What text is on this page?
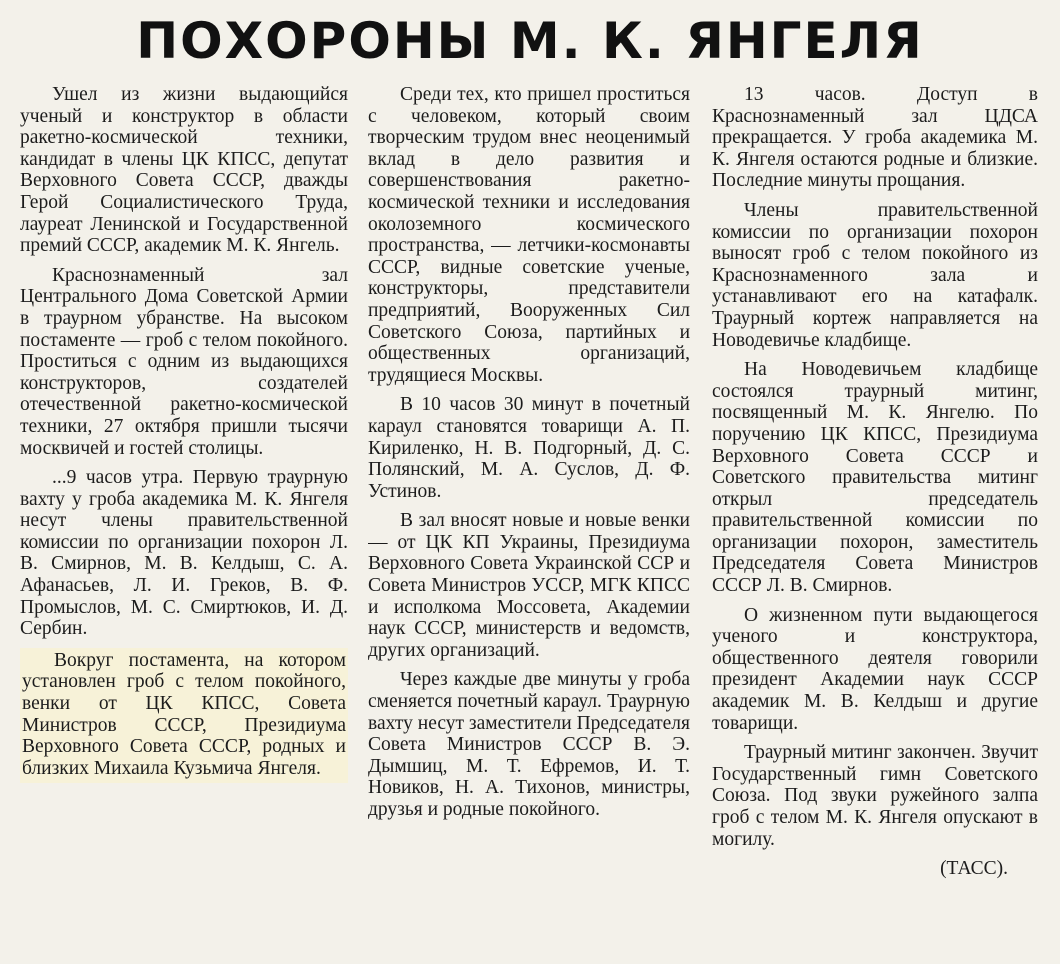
ПОХОРОНЫ М. К. ЯНГЕЛЯ

Ушел из жизни выдающийся ученый и конструктор в области ракетно-космической техники, кандидат в члены ЦК КПСС, депутат Верховного Совета СССР, дважды Герой Социалистического Труда, лауреат Ленинской и Государственной премий СССР, академик М. К. Янгель.

Краснознаменный зал Центрального Дома Советской Армии в траурном убранстве. На высоком постаменте — гроб с телом покойного. Проститься с одним из выдающихся конструкторов, создателей отечественной ракетно-космической техники, 27 октября пришли тысячи москвичей и гостей столицы.

...9 часов утра. Первую траурную вахту у гроба академика М. К. Янгеля несут члены правительственной комиссии по организации похорон Л. В. Смирнов, М. В. Келдыш, С. А. Афанасьев, Л. И. Греков, В. Ф. Промыслов, М. С. Смиртюков, И. Д. Сербин.

Вокруг постамента, на котором установлен гроб с телом покойного, венки от ЦК КПСС, Совета Министров СССР, Президиума Верховного Совета СССР, родных и близких Михаила Кузьмича Янгеля.

Среди тех, кто пришел проститься с человеком, который своим творческим трудом внес неоценимый вклад в дело развития и совершенствования ракетно-космической техники и исследования околоземного космического пространства, — летчики-космонавты СССР, видные советские ученые, конструкторы, представители предприятий, Вооруженных Сил Советского Союза, партийных и общественных организаций, трудящиеся Москвы.

В 10 часов 30 минут в почетный караул становятся товарищи А. П. Кириленко, Н. В. Подгорный, Д. С. Полянский, М. А. Суслов, Д. Ф. Устинов.

В зал вносят новые и новые венки — от ЦК КП Украины, Президиума Верховного Совета Украинской ССР и Совета Министров УССР, МГК КПСС и исполкома Моссовета, Академии наук СССР, министерств и ведомств, других организаций.

Через каждые две минуты у гроба сменяется почетный караул. Траурную вахту несут заместители Председателя Совета Министров СССР В. Э. Дымшиц, М. Т. Ефремов, И. Т. Новиков, Н. А. Тихонов, министры, друзья и родные покойного.

13 часов. Доступ в Краснознаменный зал ЦДСА прекращается. У гроба академика М. К. Янгеля остаются родные и близкие. Последние минуты прощания.

Члены правительственной комиссии по организации похорон выносят гроб с телом покойного из Краснознаменного зала и устанавливают его на катафалк. Траурный кортеж направляется на Новодевичье кладбище.

На Новодевичьем кладбище состоялся траурный митинг, посвященный М. К. Янгелю. По поручению ЦК КПСС, Президиума Верховного Совета СССР и Советского правительства митинг открыл председатель правительственной комиссии по организации похорон, заместитель Председателя Совета Министров СССР Л. В. Смирнов.

О жизненном пути выдающегося ученого и конструктора, общественного деятеля говорили президент Академии наук СССР академик М. В. Келдыш и другие товарищи.

Траурный митинг закончен. Звучит Государственный гимн Советского Союза. Под звуки ружейного залпа гроб с телом М. К. Янгеля опускают в могилу.

(ТАСС).
